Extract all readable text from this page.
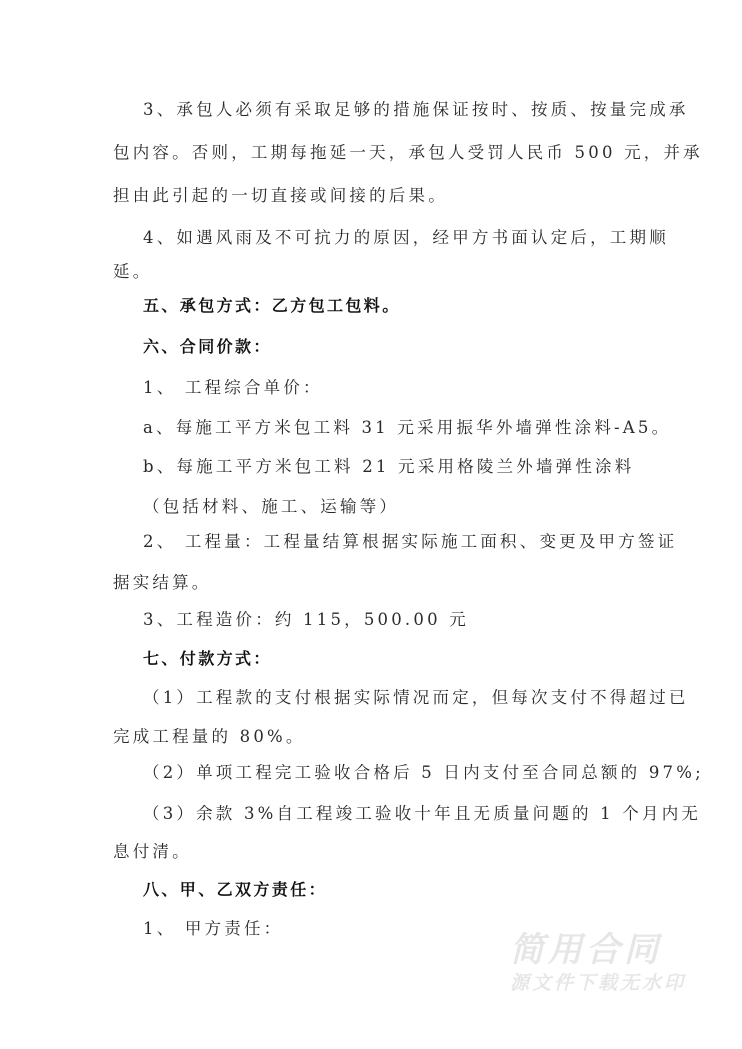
3、承包人必须有采取足够的措施保证按时、按质、按量完成承
包内容。否则，工期每拖延一天，承包人受罚人民币 500 元，并承
担由此引起的一切直接或间接的后果。
4、如遇风雨及不可抗力的原因，经甲方书面认定后，工期顺
延。
五、承包方式：乙方包工包料。
六、合同价款：
1、 工程综合单价：
a、每施工平方米包工料 31 元采用振华外墙弹性涂料-A5。
b、每施工平方米包工料 21 元采用格陵兰外墙弹性涂料
（包括材料、施工、运输等）
2、 工程量：工程量结算根据实际施工面积、变更及甲方签证
据实结算。
3、工程造价：约 115，500.00 元
七、付款方式：
（1）工程款的支付根据实际情况而定，但每次支付不得超过已
完成工程量的 80%。
（2）单项工程完工验收合格后 5 日内支付至合同总额的 97%;
（3）余款 3%自工程竣工验收十年且无质量问题的 1 个月内无
息付清。
八、甲、乙双方责任：
1、 甲方责任：
简用合同
源文件下载无水印
